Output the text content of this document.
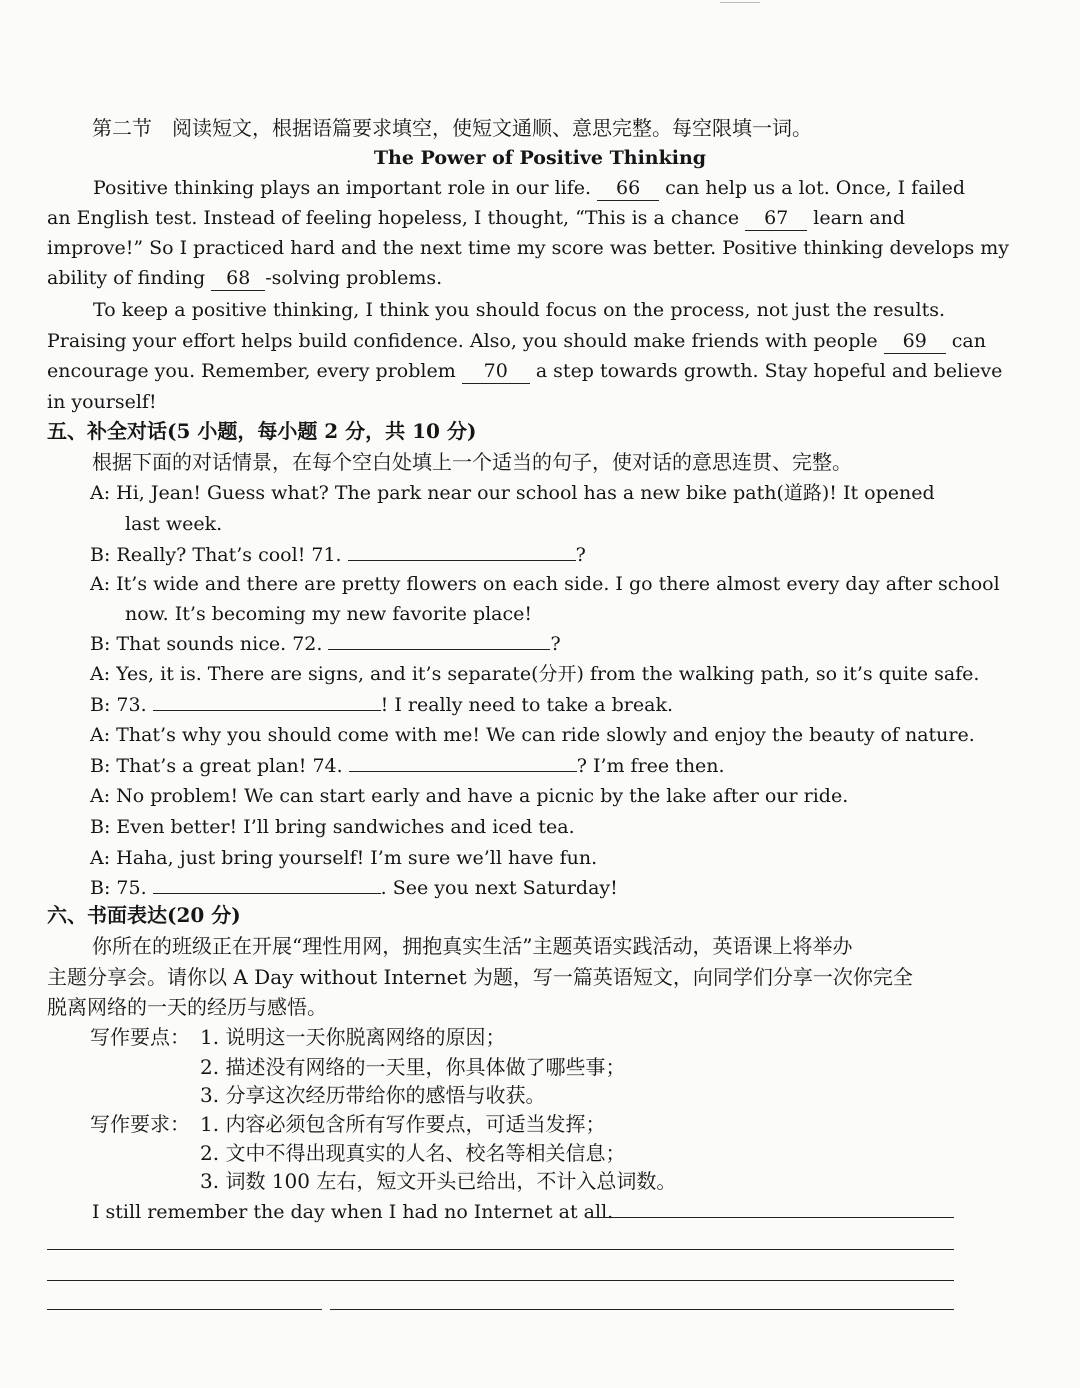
第二节　阅读短文，根据语篇要求填空，使短文通顺、意思完整。每空限填一词。
The Power of Positive Thinking
Positive thinking plays an important role in our life. 66 can help us a lot. Once, I failed
an English test. Instead of feeling hopeless, I thought, “This is a chance 67 learn and
improve!” So I practiced hard and the next time my score was better. Positive thinking develops my
ability of finding 68 -solving problems.
To keep a positive thinking, I think you should focus on the process, not just the results.
Praising your effort helps build confidence. Also, you should make friends with people 69 can
encourage you. Remember, every problem 70 a step towards growth. Stay hopeful and believe
in yourself!
五、补全对话(5 小题，每小题 2 分，共 10 分)
根据下面的对话情景，在每个空白处填上一个适当的句子，使对话的意思连贯、完整。
A: Hi, Jean! Guess what? The park near our school has a new bike path(道路)! It opened
last week.
B: Really? That’s cool! 71.	?
A: It’s wide and there are pretty flowers on each side. I go there almost every day after school
now. It’s becoming my new favorite place!
B: That sounds nice. 72.	?
A: Yes, it is. There are signs, and it’s separate(分开) from the walking path, so it’s quite safe.
B: 73.	! I really need to take a break.
A: That’s why you should come with me! We can ride slowly and enjoy the beauty of nature.
B: That’s a great plan! 74.	? I’m free then.
A: No problem! We can start early and have a picnic by the lake after our ride.
B: Even better! I’ll bring sandwiches and iced tea.
A: Haha, just bring yourself! I’m sure we’ll have fun.
B: 75.	. See you next Saturday!
六、书面表达(20 分)
你所在的班级正在开展“理性用网，拥抱真实生活”主题英语实践活动，英语课上将举办
主题分享会。请你以 A Day without Internet 为题，写一篇英语短文，向同学们分享一次你完全
脱离网络的一天的经历与感悟。
写作要点： 1. 说明这一天你脱离网络的原因；
2. 描述没有网络的一天里，你具体做了哪些事；
3. 分享这次经历带给你的感悟与收获。
写作要求： 1. 内容必须包含所有写作要点，可适当发挥；
2. 文中不得出现真实的人名、校名等相关信息；
3. 词数 100 左右，短文开头已给出，不计入总词数。
I still remember the day when I had no Internet at all.
